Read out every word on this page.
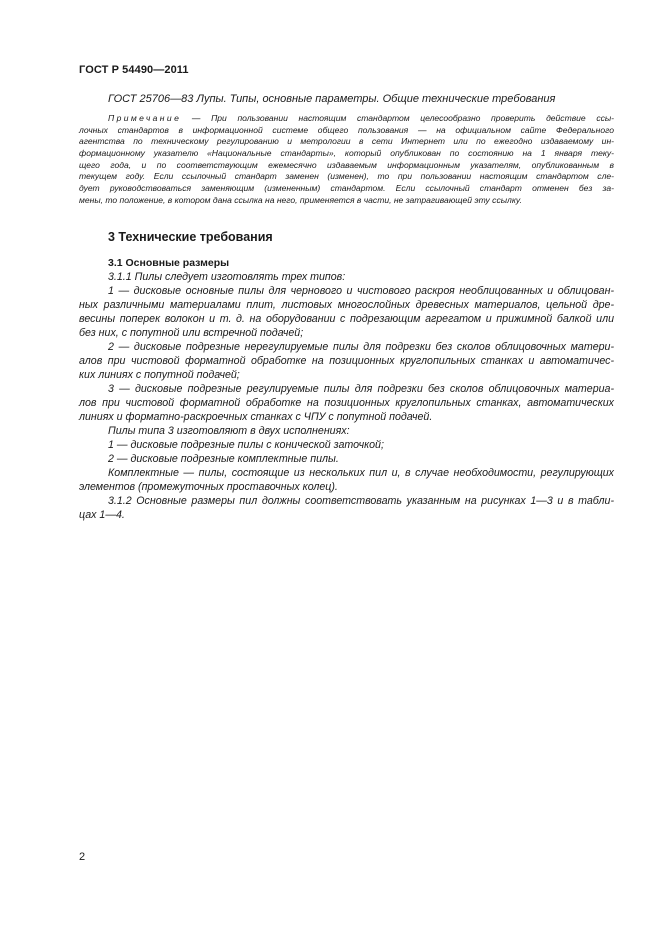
ГОСТ Р 54490—2011

ГОСТ 25706—83 Лупы. Типы, основные параметры. Общие технические требования

Примечание — При пользовании настоящим стандартом целесообразно проверить действие ссы-
лочных стандартов в информационной системе общего пользования — на официальном сайте Федерального
агентства по техническому регулированию и метрологии в сети Интернет или по ежегодно издаваемому ин-
формационному указателю «Национальные стандарты», который опубликован по состоянию на 1 января теку-
щего года, и по соответствующим ежемесячно издаваемым информационным указателям, опубликованным в
текущем году. Если ссылочный стандарт заменен (изменен), то при пользовании настоящим стандартом сле-
дует руководствоваться заменяющим (измененным) стандартом. Если ссылочный стандарт отменен без за-
мены, то положение, в котором дана ссылка на него, применяется в части, не затрагивающей эту ссылку.
3 Технические требования
3.1 Основные размеры
3.1.1 Пилы следует изготовлять трех типов:
1 — дисковые основные пилы для чернового и чистового раскроя необлицованных и облицован-
ных различными материалами плит, листовых многослойных древесных материалов, цельной дре-
весины поперек волокон и т. д. на оборудовании с подрезающим агрегатом и прижимной балкой или
без них, с попутной или встречной подачей;
2 — дисковые подрезные нерегулируемые пилы для подрезки без сколов облицовочных матери-
алов при чистовой форматной обработке на позиционных круглопильных станках и автоматичес-
ких линиях с попутной подачей;
3 — дисковые подрезные регулируемые пилы для подрезки без сколов облицовочных материа-
лов при чистовой форматной обработке на позиционных круглопильных станках, автоматических
линиях и форматно-раскроечных станках с ЧПУ с попутной подачей.
Пилы типа 3 изготовляют в двух исполнениях:
1 — дисковые подрезные пилы с конической заточкой;
2 — дисковые подрезные комплектные пилы.
Комплектные — пилы, состоящие из нескольких пил и, в случае необходимости, регулирующих
элементов (промежуточных проставочных колец).
3.1.2 Основные размеры пил должны соответствовать указанным на рисунках 1—3 и в табли-
цах 1—4.
2
